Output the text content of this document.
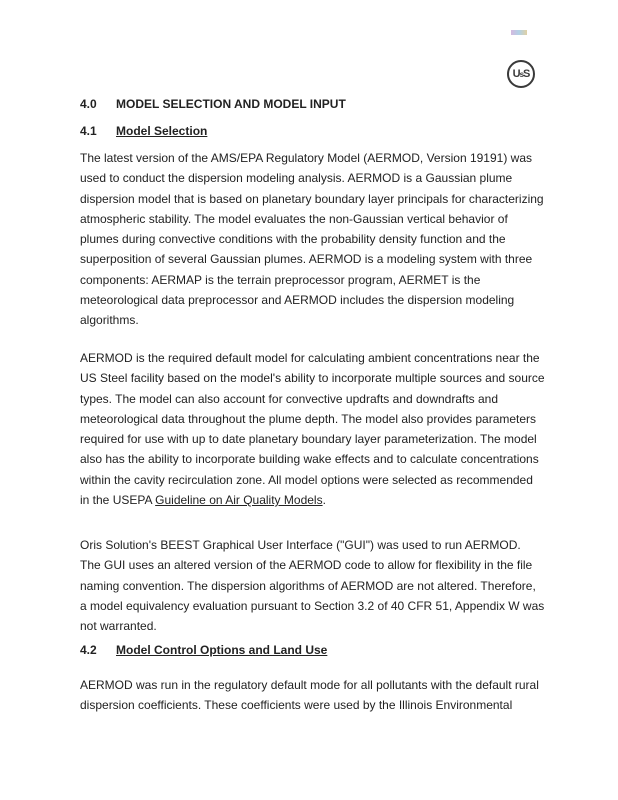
U s S
4.0 MODEL SELECTION AND MODEL INPUT
4.1 Model Selection
The latest version of the AMS/EPA Regulatory Model (AERMOD, Version 19191) was
used to conduct the dispersion modeling analysis. AERMOD is a Gaussian plume
dispersion model that is based on planetary boundary layer principals for characterizing
atmospheric stability. The model evaluates the non-Gaussian vertical behavior of
plumes during convective conditions with the probability density function and the
superposition of several Gaussian plumes. AERMOD is a modeling system with three
components: AERMAP is the terrain preprocessor program, AERMET is the
meteorological data preprocessor and AERMOD includes the dispersion modeling
algorithms.
AERMOD is the required default model for calculating ambient concentrations near the
US Steel facility based on the model's ability to incorporate multiple sources and source
types. The model can also account for convective updrafts and downdrafts and
meteorological data throughout the plume depth. The model also provides parameters
required for use with up to date planetary boundary layer parameterization. The model
also has the ability to incorporate building wake effects and to calculate concentrations
within the cavity recirculation zone. All model options were selected as recommended
in the USEPA Guideline on Air Quality Models.
Oris Solution's BEEST Graphical User Interface ("GUI") was used to run AERMOD.
The GUI uses an altered version of the AERMOD code to allow for flexibility in the file
naming convention. The dispersion algorithms of AERMOD are not altered. Therefore,
a model equivalency evaluation pursuant to Section 3.2 of 40 CFR 51, Appendix W was
not warranted.
4.2 Model Control Options and Land Use
AERMOD was run in the regulatory default mode for all pollutants with the default rural
dispersion coefficients. These coefficients were used by the Illinois Environmental
